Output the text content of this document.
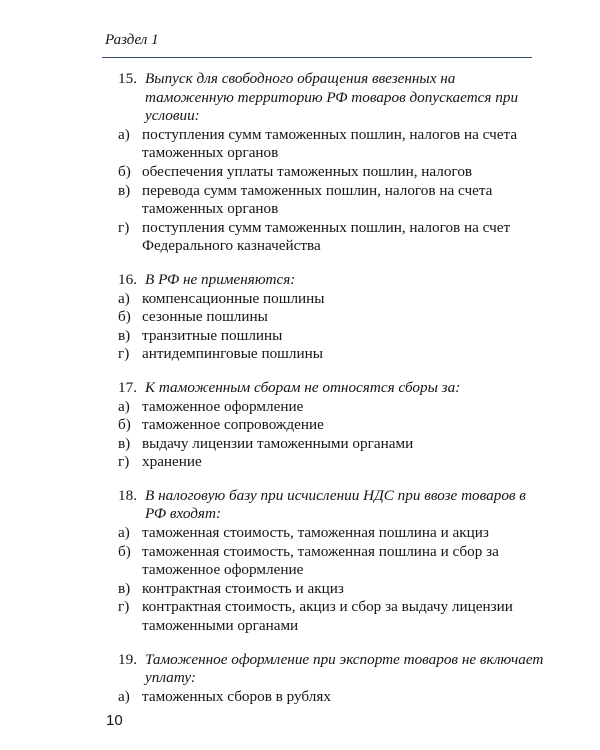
Раздел 1
15. Выпуск для свободного обращения ввезенных на таможенную территорию РФ товаров допускается при условии:
а) поступления сумм таможенных пошлин, налогов на счета таможенных органов
б) обеспечения уплаты таможенных пошлин, налогов
в) перевода сумм таможенных пошлин, налогов на счета таможенных органов
г) поступления сумм таможенных пошлин, налогов на счет Федерального казначейства
16. В РФ не применяются:
а) компенсационные пошлины
б) сезонные пошлины
в) транзитные пошлины
г) антидемпинговые пошлины
17. К таможенным сборам не относятся сборы за:
а) таможенное оформление
б) таможенное сопровождение
в) выдачу лицензии таможенными органами
г) хранение
18. В налоговую базу при исчислении НДС при ввозе товаров в РФ входят:
а) таможенная стоимость, таможенная пошлина и акциз
б) таможенная стоимость, таможенная пошлина и сбор за таможенное оформление
в) контрактная стоимость и акциз
г) контрактная стоимость, акциз и сбор за выдачу лицензии таможенными органами
19. Таможенное оформление при экспорте товаров не включает уплату:
а) таможенных сборов в рублях
10
